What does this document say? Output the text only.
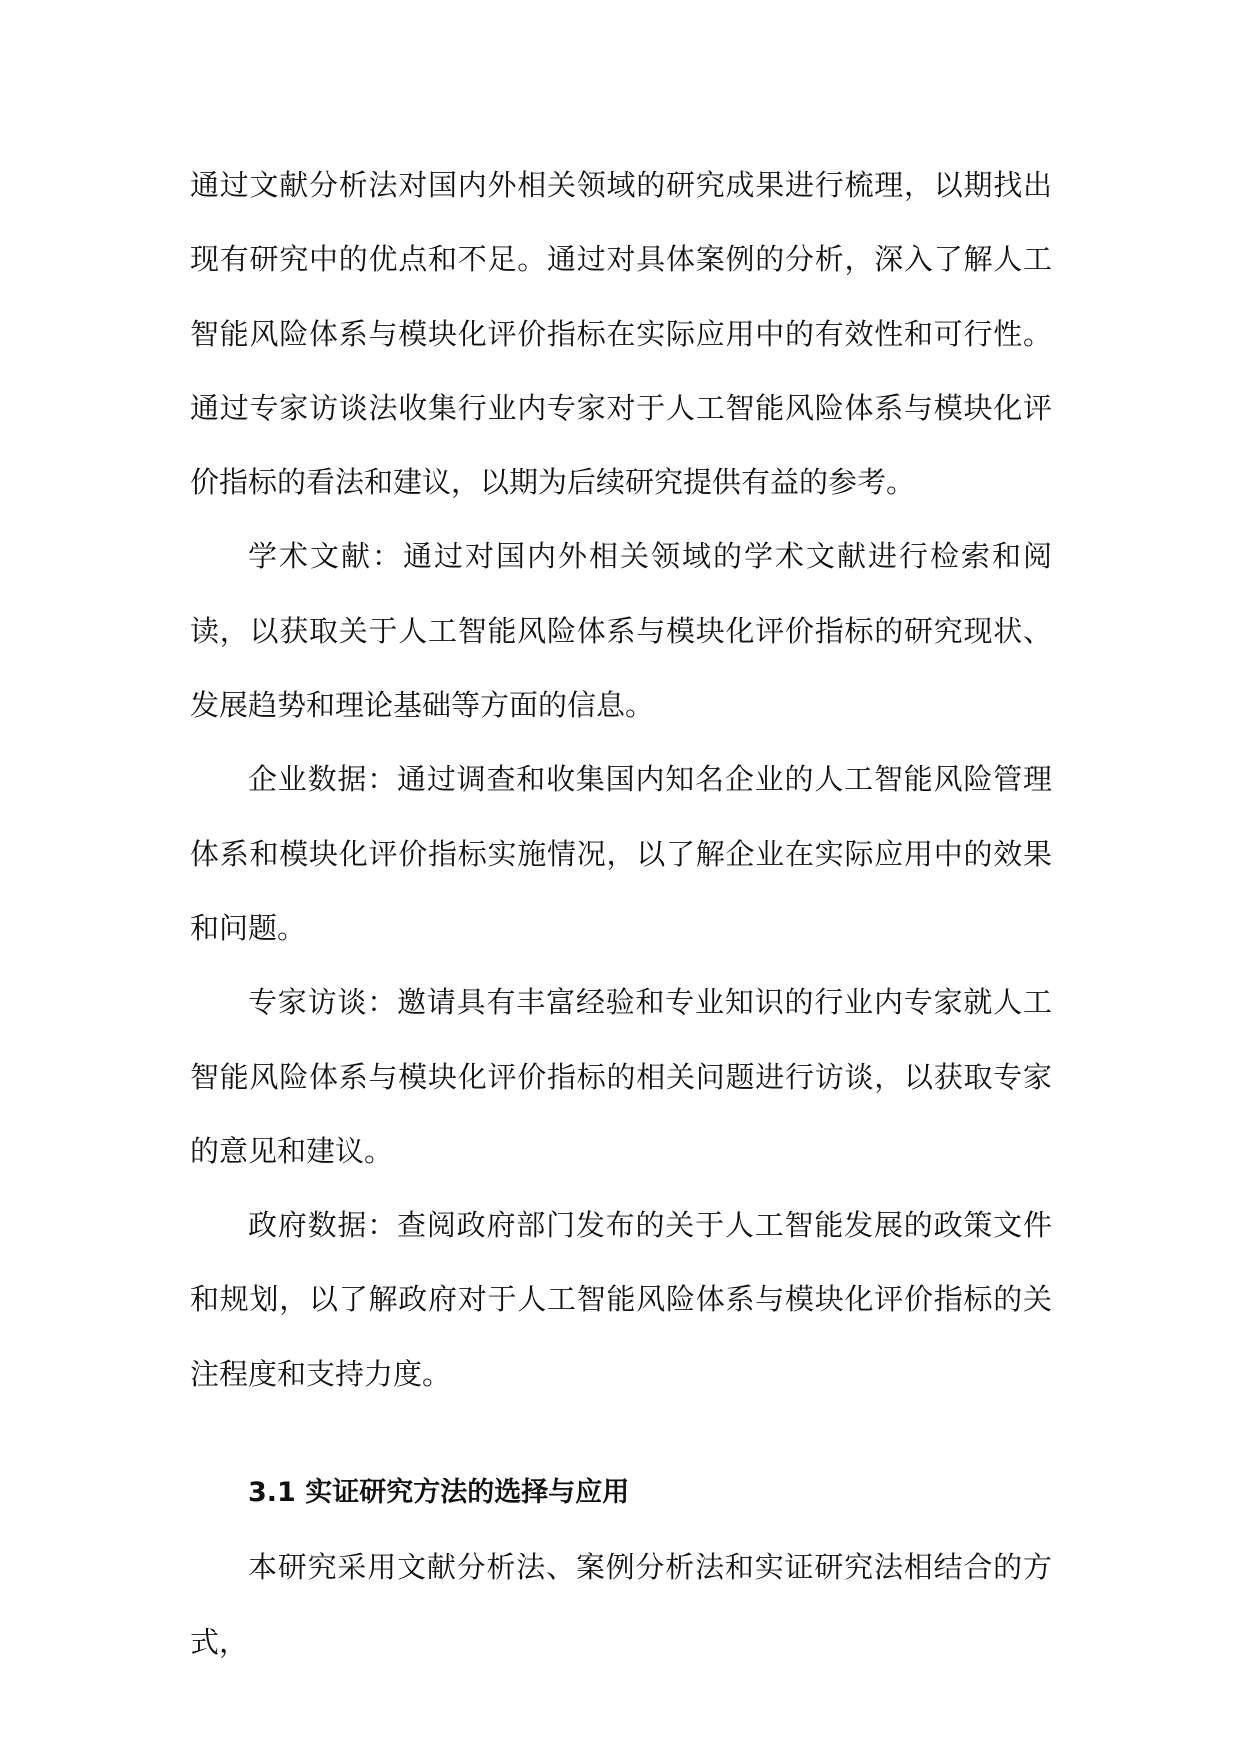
通过文献分析法对国内外相关领域的研究成果进行梳理，以期找出现有研究中的优点和不足。通过对具体案例的分析，深入了解人工智能风险体系与模块化评价指标在实际应用中的有效性和可行性。通过专家访谈法收集行业内专家对于人工智能风险体系与模块化评价指标的看法和建议，以期为后续研究提供有益的参考。

学术文献：通过对国内外相关领域的学术文献进行检索和阅读，以获取关于人工智能风险体系与模块化评价指标的研究现状、发展趋势和理论基础等方面的信息。

企业数据：通过调查和收集国内知名企业的人工智能风险管理体系和模块化评价指标实施情况，以了解企业在实际应用中的效果和问题。

专家访谈：邀请具有丰富经验和专业知识的行业内专家就人工智能风险体系与模块化评价指标的相关问题进行访谈，以获取专家的意见和建议。

政府数据：查阅政府部门发布的关于人工智能发展的政策文件和规划，以了解政府对于人工智能风险体系与模块化评价指标的关注程度和支持力度。

3.1 实证研究方法的选择与应用

本研究采用文献分析法、案例分析法和实证研究法相结合的方式，
